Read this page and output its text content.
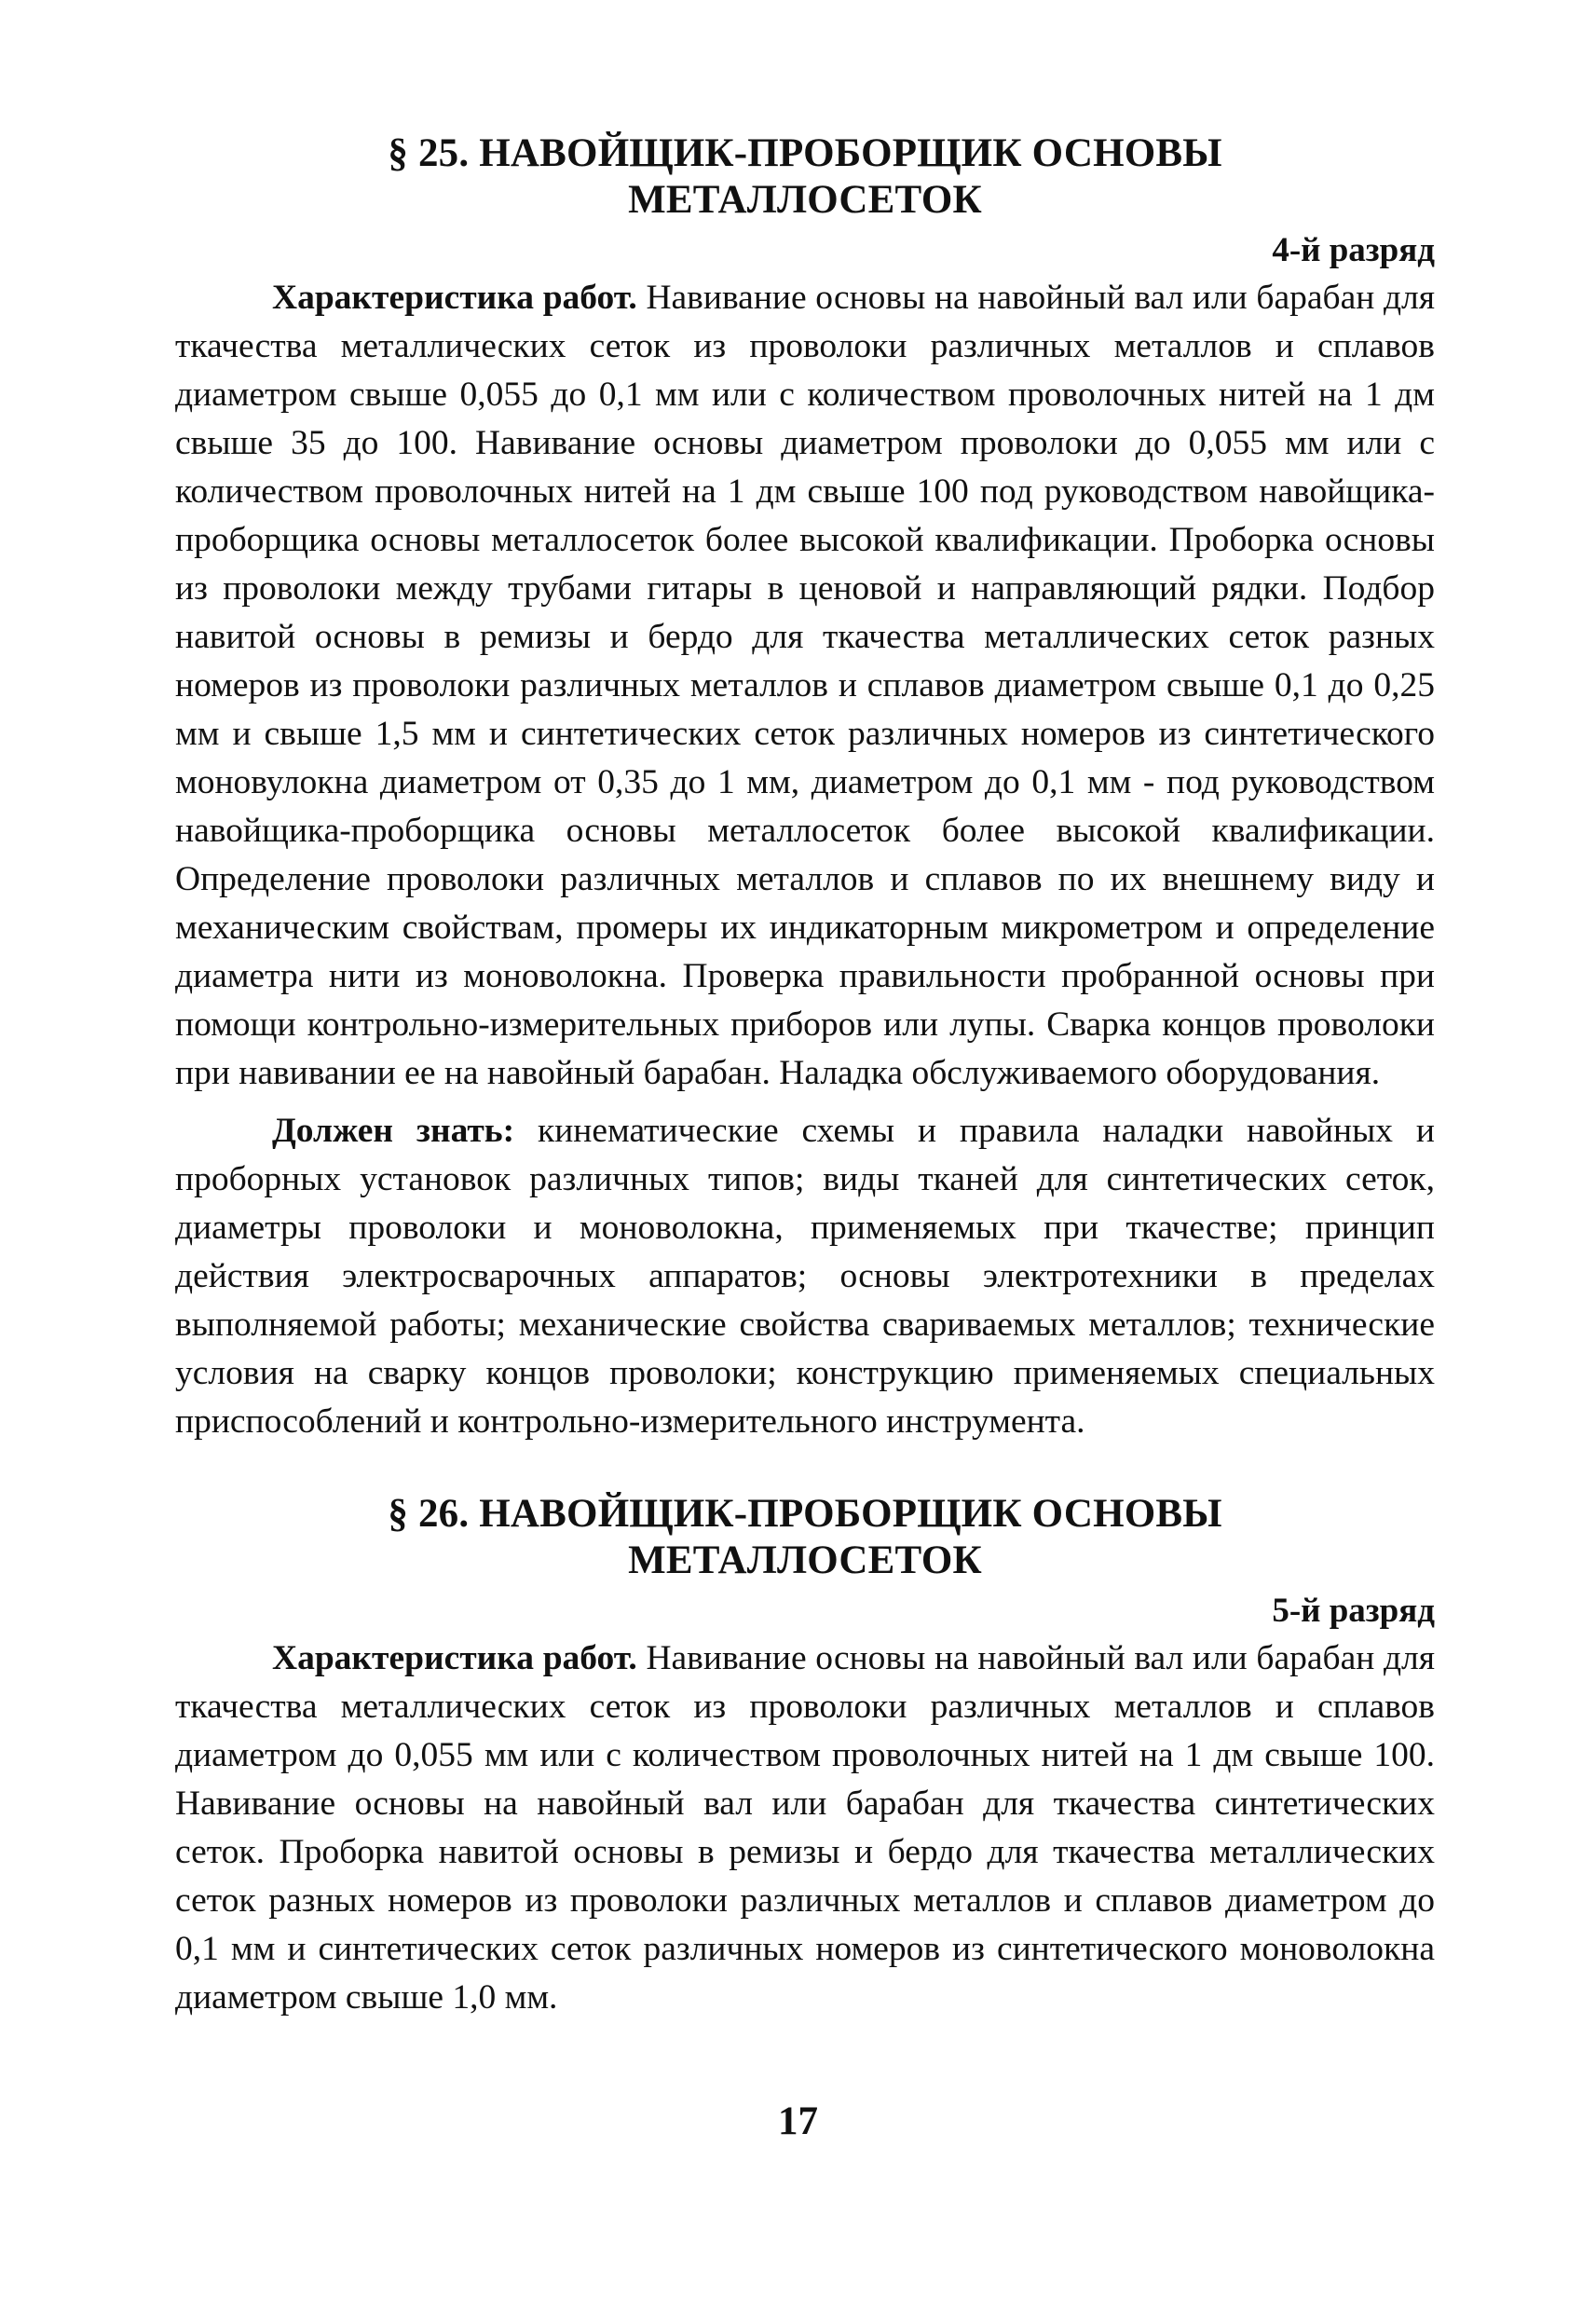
§ 25. НАВОЙЩИК-ПРОБОРЩИК ОСНОВЫ

МЕТАЛЛОСЕТОК

4-й разряд

Характеристика работ. Навивание основы на навойный вал или барабан для ткачества металлических сеток из проволоки различных металлов и сплавов диаметром свыше 0,055 до 0,1 мм или с количеством проволочных нитей на 1 дм свыше 35 до 100. Навивание основы диаметром проволоки до 0,055 мм или с количеством проволочных нитей на 1 дм свыше 100 под руководством навойщика-проборщика основы металлосеток более высокой квалификации. Проборка основы из проволоки между трубами гитары в ценовой и направляющий рядки. Подбор навитой основы в ремизы и бердо для ткачества металлических сеток разных номеров из проволоки различных металлов и сплавов диаметром свыше 0,1 до 0,25 мм и свыше 1,5 мм и синтетических сеток различных номеров из синтетического моновулокна диаметром от 0,35 до 1 мм, диаметром до 0,1 мм - под руководством навойщика-проборщика основы металлосеток более высокой квалификации. Определение проволоки различных металлов и сплавов по их внешнему виду и механическим свойствам, промеры их индикаторным микрометром и определение диаметра нити из моноволокна. Проверка правильности пробранной основы при помощи контрольно-измерительных приборов или лупы. Сварка концов проволоки при навивании ее на навойный барабан. Наладка обслуживаемого оборудования.

Должен знать: кинематические схемы и правила наладки навойных и проборных установок различных типов; виды тканей для синтетических сеток, диаметры проволоки и моноволокна, применяемых при ткачестве; принцип действия электросварочных аппаратов; основы электротехники в пределах выполняемой работы; механические свойства свариваемых металлов; технические условия на сварку концов проволоки; конструкцию применяемых специальных приспособлений и контрольно-измерительного инструмента.

§ 26. НАВОЙЩИК-ПРОБОРЩИК ОСНОВЫ

МЕТАЛЛОСЕТОК

5-й разряд

Характеристика работ. Навивание основы на навойный вал или барабан для ткачества металлических сеток из проволоки различных металлов и сплавов диаметром до 0,055 мм или с количеством проволочных нитей на 1 дм свыше 100. Навивание основы на навойный вал или барабан для ткачества синтетических сеток. Проборка навитой основы в ремизы и бердо для ткачества металлических сеток разных номеров из проволоки различных металлов и сплавов диаметром до 0,1 мм и синтетических сеток различных номеров из синтетического моноволокна диаметром свыше 1,0 мм.

17
